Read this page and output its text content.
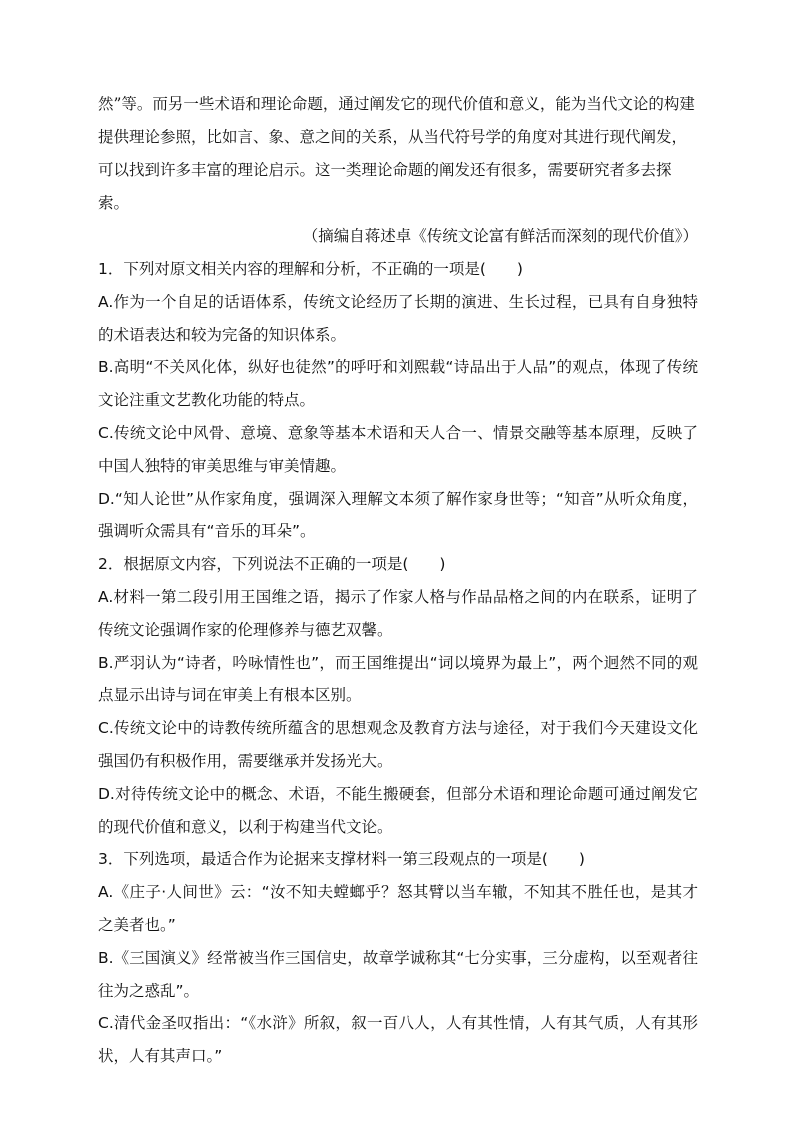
然”等。而另一些术语和理论命题，通过阐发它的现代价值和意义，能为当代文论的构建提供理论参照，比如言、象、意之间的关系，从当代符号学的角度对其进行现代阐发，可以找到许多丰富的理论启示。这一类理论命题的阐发还有很多，需要研究者多去探索。

（摘编自蒋述卓《传统文论富有鲜活而深刻的现代价值》）

1．下列对原文相关内容的理解和分析，不正确的一项是(　　)

A.作为一个自足的话语体系，传统文论经历了长期的演进、生长过程，已具有自身独特的术语表达和较为完备的知识体系。

B.高明“不关风化体，纵好也徒然”的呼吁和刘熙载“诗品出于人品”的观点，体现了传统文论注重文艺教化功能的特点。

C.传统文论中风骨、意境、意象等基本术语和天人合一、情景交融等基本原理，反映了中国人独特的审美思维与审美情趣。

D.“知人论世”从作家角度，强调深入理解文本须了解作家身世等；“知音”从听众角度，强调听众需具有“音乐的耳朵”。

2．根据原文内容，下列说法不正确的一项是(　　)

A.材料一第二段引用王国维之语，揭示了作家人格与作品品格之间的内在联系，证明了传统文论强调作家的伦理修养与德艺双馨。

B.严羽认为“诗者，吟咏情性也”，而王国维提出“词以境界为最上”，两个迥然不同的观点显示出诗与词在审美上有根本区别。

C.传统文论中的诗教传统所蕴含的思想观念及教育方法与途径，对于我们今天建设文化强国仍有积极作用，需要继承并发扬光大。

D.对待传统文论中的概念、术语，不能生搬硬套，但部分术语和理论命题可通过阐发它的现代价值和意义，以利于构建当代文论。

3．下列选项，最适合作为论据来支撑材料一第三段观点的一项是(　　)

A.《庄子·人间世》云：“汝不知夫螳螂乎？怒其臂以当车辙，不知其不胜任也，是其才之美者也。”

B.《三国演义》经常被当作三国信史，故章学诚称其“七分实事，三分虚构，以至观者往往为之惑乱”。

C.清代金圣叹指出：“《水浒》所叙，叙一百八人，人有其性情，人有其气质，人有其形状，人有其声口。”
